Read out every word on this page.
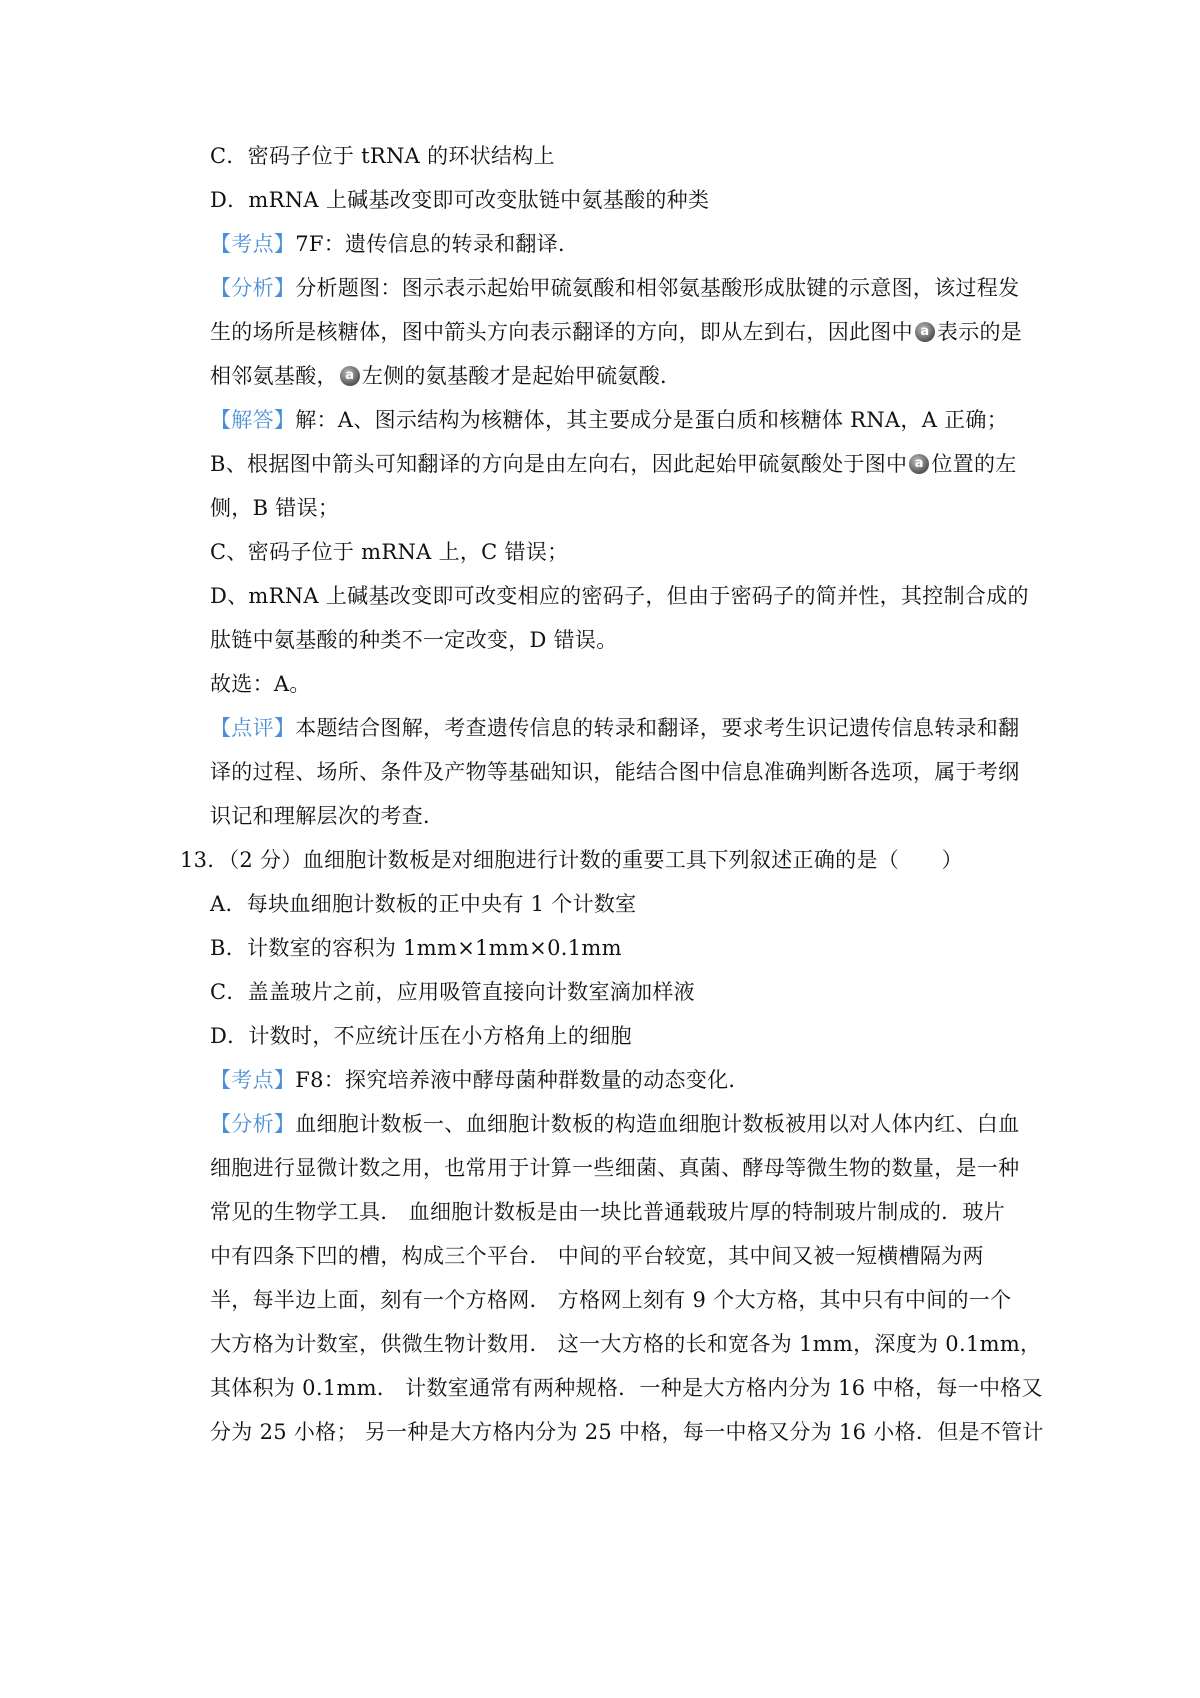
C．密码子位于 tRNA 的环状结构上
D．mRNA 上碱基改变即可改变肽链中氨基酸的种类
【考点】7F：遗传信息的转录和翻译．
【分析】分析题图：图示表示起始甲硫氨酸和相邻氨基酸形成肽键的示意图，该过程发
生的场所是核糖体，图中箭头方向表示翻译的方向，即从左到右，因此图中 a 表示的是
相邻氨基酸， a 左侧的氨基酸才是起始甲硫氨酸．
【解答】解：A、图示结构为核糖体，其主要成分是蛋白质和核糖体 RNA，A 正确；
B、根据图中箭头可知翻译的方向是由左向右，因此起始甲硫氨酸处于图中 a 位置的左
侧，B 错误；
C、密码子位于 mRNA 上，C 错误；
D、mRNA 上碱基改变即可改变相应的密码子，但由于密码子的简并性，其控制合成的
肽链中氨基酸的种类不一定改变，D 错误。
故选：A。
【点评】本题结合图解，考查遗传信息的转录和翻译，要求考生识记遗传信息转录和翻
译的过程、场所、条件及产物等基础知识，能结合图中信息准确判断各选项，属于考纲
识记和理解层次的考查．
13．（2 分）血细胞计数板是对细胞进行计数的重要工具下列叙述正确的是（　　）
A．每块血细胞计数板的正中央有 1 个计数室
B．计数室的容积为 1mm×1mm×0.1mm
C．盖盖玻片之前，应用吸管直接向计数室滴加样液
D．计数时，不应统计压在小方格角上的细胞
【考点】F8：探究培养液中酵母菌种群数量的动态变化．
【分析】血细胞计数板一、血细胞计数板的构造血细胞计数板被用以对人体内红、白血
细胞进行显微计数之用，也常用于计算一些细菌、真菌、酵母等微生物的数量，是一种
常见的生物学工具． 血细胞计数板是由一块比普通载玻片厚的特制玻片制成的．玻片
中有四条下凹的槽，构成三个平台． 中间的平台较宽，其中间又被一短横槽隔为两
半，每半边上面，刻有一个方格网． 方格网上刻有 9 个大方格，其中只有中间的一个
大方格为计数室，供微生物计数用． 这一大方格的长和宽各为 1mm，深度为 0.1mm，
其体积为 0.1mm． 计数室通常有两种规格．一种是大方格内分为 16 中格，每一中格又
分为 25 小格； 另一种是大方格内分为 25 中格，每一中格又分为 16 小格．但是不管计
